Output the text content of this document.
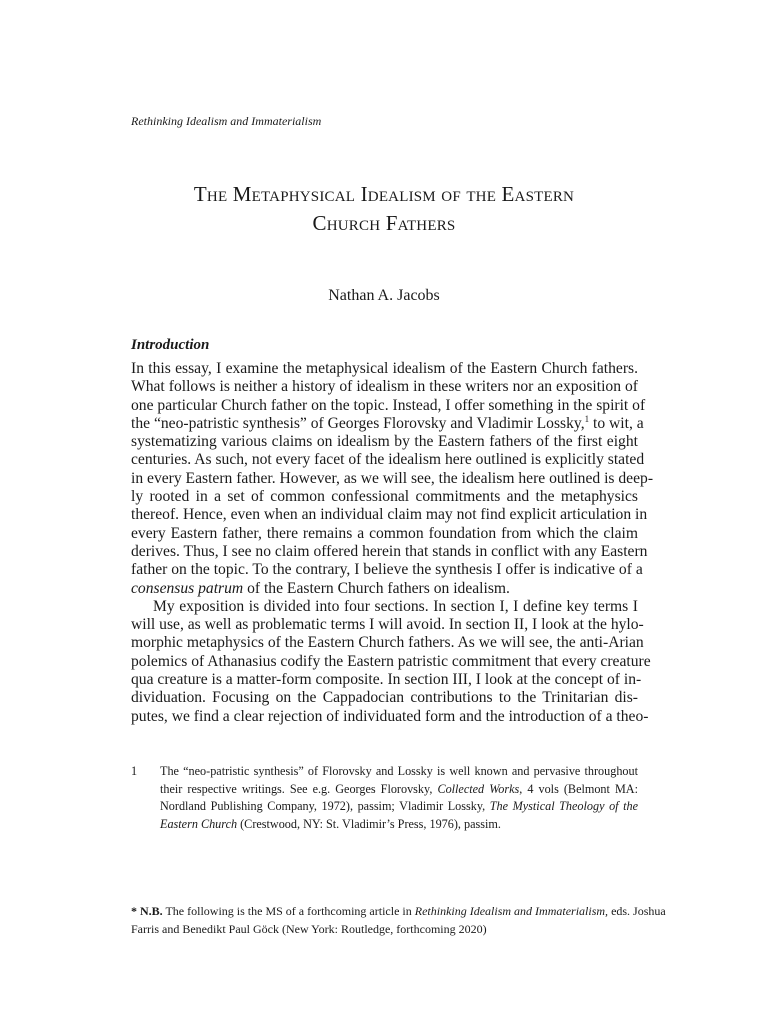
Rethinking Idealism and Immaterialism
The Metaphysical Idealism of the Eastern
Church Fathers
Nathan A. Jacobs
Introduction
In this essay, I examine the metaphysical idealism of the Eastern Church fathers.
What follows is neither a history of idealism in these writers nor an exposition of
one particular Church father on the topic. Instead, I offer something in the spirit of
the “neo-patristic synthesis” of Georges Florovsky and Vladimir Lossky,$^1$ to wit, a
systematizing various claims on idealism by the Eastern fathers of the first eight
centuries. As such, not every facet of the idealism here outlined is explicitly stated
in every Eastern father. However, as we will see, the idealism here outlined is deep-
ly rooted in a set of common confessional commitments and the metaphysics
thereof. Hence, even when an individual claim may not find explicit articulation in
every Eastern father, there remains a common foundation from which the claim
derives. Thus, I see no claim offered herein that stands in conflict with any Eastern
father on the topic. To the contrary, I believe the synthesis I offer is indicative of a
consensus patrum of the Eastern Church fathers on idealism.
My exposition is divided into four sections. In section I, I define key terms I
will use, as well as problematic terms I will avoid. In section II, I look at the hylo-
morphic metaphysics of the Eastern Church fathers. As we will see, the anti-Arian
polemics of Athanasius codify the Eastern patristic commitment that every creature
qua creature is a matter-form composite. In section III, I look at the concept of in-
dividuation. Focusing on the Cappadocian contributions to the Trinitarian dis-
putes, we find a clear rejection of individuated form and the introduction of a theo-
1 The “neo-patristic synthesis” of Florovsky and Lossky is well known and pervasive throughout
their respective writings. See e.g. Georges Florovsky, Collected Works, 4 vols (Belmont MA:
Nordland Publishing Company, 1972), passim; Vladimir Lossky, The Mystical Theology of the
Eastern Church (Crestwood, NY: St. Vladimir’s Press, 1976), passim.
* N.B. The following is the MS of a forthcoming article in Rethinking Idealism and Immaterialism, eds. Joshua
Farris and Benedikt Paul Göck (New York: Routledge, forthcoming 2020)
